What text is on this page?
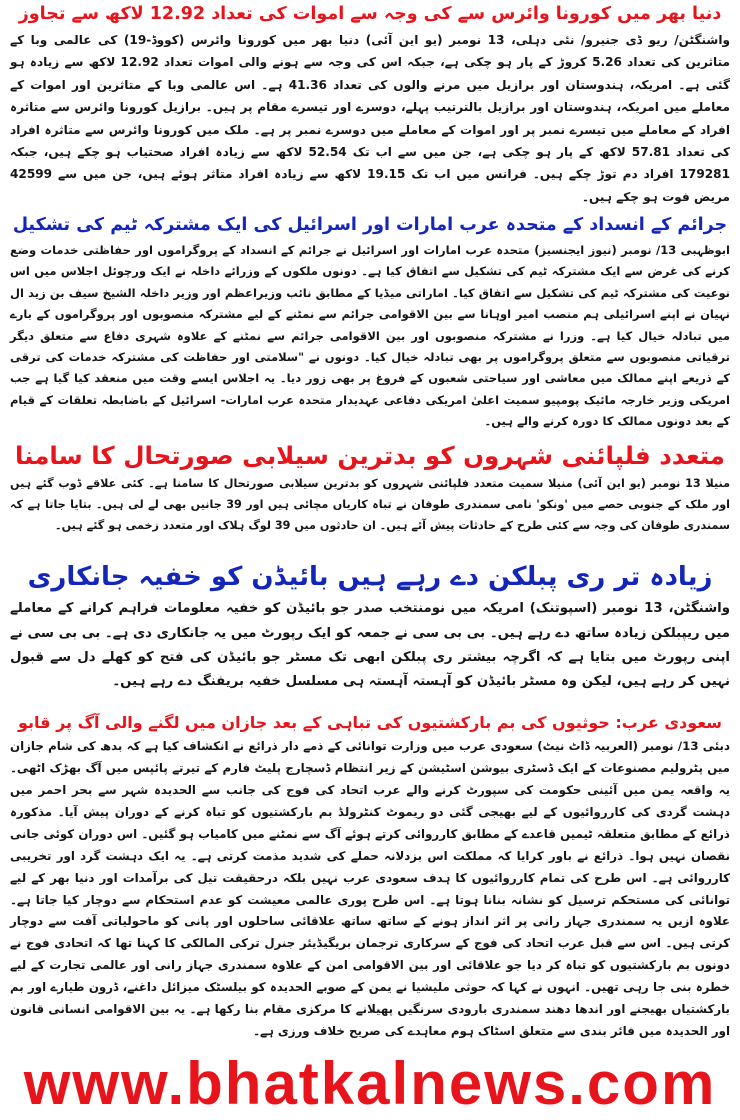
دنیا بھر میں کورونا وائرس سے کی وجہ سے اموات کی تعداد 12.92 لاکھ سے تجاوز

واشنگٹن/ ریو ڈی جنیرو/ نئی دہلی، 13 نومبر (یو این آئی) دنیا بھر میں کورونا وائرس (کووڈ-19) کی عالمی وبا کے متاثرین کی تعداد 5.26 کروڑ کے پار ہو چکی ہے، جبکہ اس کی وجہ سے ہونے والی اموات تعداد 12.92 لاکھ سے زیادہ ہو گئی ہے۔ امریکہ، ہندوستان اور برازیل میں مرنے والوں کی تعداد 41.36 ہے۔ اس عالمی وبا کے متاثرین اور اموات کے معاملے میں امریکہ، ہندوستان اور برازیل بالترتیب پہلے، دوسرے اور تیسرے مقام پر ہیں۔ برازیل کورونا وائرس سے متاثرہ افراد کے معاملے میں تیسرے نمبر پر اور اموات کے معاملے میں دوسرے نمبر پر ہے۔ ملک میں کورونا وائرس سے متاثرہ افراد کی تعداد 57.81 لاکھ کے پار ہو چکی ہے، جن میں سے اب تک 52.54 لاکھ سے زیادہ افراد صحتیاب ہو چکے ہیں، جبکہ 179281 افراد دم توڑ چکے ہیں۔ فرانس میں اب تک 19.15 لاکھ سے زیادہ افراد متاثر ہوئے ہیں، جن میں سے 42599 مریض فوت ہو چکے ہیں۔

جرائم کے انسداد کے متحدہ عرب امارات اور اسرائیل کی ایک مشترکہ ٹیم کی تشکیل

ابوظہبی 13/ نومبر (نیوز ایجنسیز) متحدہ عرب امارات اور اسرائیل نے جرائم کے انسداد کے پروگراموں اور حفاظتی خدمات وضع کرنے کی غرض سے ایک مشترکہ ٹیم کی تشکیل سے اتفاق کیا ہے۔ دونوں ملکوں کے وزرائے داخلہ نے ایک ورچوئل اجلاس میں اس نوعیت کی مشترکہ ٹیم کی تشکیل سے اتفاق کیا۔ اماراتی میڈیا کے مطابق نائب وزیراعظم اور وزیر داخلہ الشیخ سیف بن زید ال نہیان نے اپنے اسرائیلی ہم منصب امیر اوہانا سے بین الاقوامی جرائم سے نمٹنے کے لیے مشترکہ منصوبوں اور پروگراموں کے بارے میں تبادلہ خیال کیا ہے۔ وزرا نے مشترکہ منصوبوں اور بین الاقوامی جرائم سے نمٹنے کے علاوہ شہری دفاع سے متعلق دیگر ترقیاتی منصوبوں سے متعلق پروگراموں پر بھی تبادلہ خیال کیا۔ دونوں نے "سلامتی اور حفاظت کی مشترکہ خدمات کی ترقی کے ذریعے اپنے ممالک میں معاشی اور سیاحتی شعبوں کے فروغ پر بھی زور دیا۔ یہ اجلاس ایسے وقت میں منعقد کیا گیا ہے جب امریکی وزیر خارجہ مائیک پومپیو سمیت اعلیٰ امریکی دفاعی عہدیدار متحدہ عرب امارات- اسرائیل کے باضابطہ تعلقات کے قیام کے بعد دونوں ممالک کا دورہ کرنے والے ہیں۔

متعدد فلپائنی شہروں کو بدترین سیلابی صورتحال کا سامنا

منیلا 13 نومبر (یو این آئی) منیلا سمیت متعدد فلپائنی شہروں کو بدترین سیلابی صورتحال کا سامنا ہے۔ کئی علاقے ڈوب گئے ہیں اور ملک کے جنوبی حصے میں 'ونکو' نامی سمندری طوفان نے تباہ کاریاں مچائی ہیں اور 39 جانیں بھی لے لی ہیں۔ بتایا جاتا ہے کہ سمندری طوفان کی وجہ سے کئی طرح کے حادثات پیش آئے ہیں۔ ان حادثوں میں 39 لوگ ہلاک اور متعدد زخمی ہو گئے ہیں۔

زیادہ تر ری پبلکن دے رہے ہیں بائیڈن کو خفیہ جانکاری

واشنگٹن، 13 نومبر (اسپوتنک) امریکہ میں نومنتخب صدر جو بائیڈن کو خفیہ معلومات فراہم کرانے کے معاملے میں ریپبلکن زیادہ ساتھ دے رہے ہیں۔ بی بی سی نے جمعہ کو ایک رپورٹ میں یہ جانکاری دی ہے۔ بی بی سی نے اپنی رپورٹ میں بتایا ہے کہ اگرچہ بیشتر ری پبلکن ابھی تک مسٹر جو بائیڈن کی فتح کو کھلے دل سے قبول نہیں کر رہے ہیں، لیکن وہ مسٹر بائیڈن کو آہستہ آہستہ ہی مسلسل خفیہ بریفنگ دے رہے ہیں۔

سعودی عرب: حوثیوں کی بم بارکشتیوں کی تباہی کے بعد جازان میں لگنے والی آگ پر قابو

دبئی 13/ نومبر (العربیہ ڈاٹ نیٹ) سعودی عرب میں وزارت توانائی کے ذمے دار ذرائع نے انکشاف کیا ہے کہ بدھ کی شام جازان میں پٹرولیم مصنوعات کے ایک ڈسٹری بیوشن اسٹیشن کے زیر انتظام ڈسچارج پلیٹ فارم کے تیرتے پائپس میں آگ بھڑک اٹھی۔ یہ واقعہ یمن میں آئینی حکومت کی سپورٹ کرنے والے عرب اتحاد کی فوج کی جانب سے الحدیدہ شہر سے بحر احمر میں دہشت گردی کی کارروائیوں کے لیے بھیجی گئی دو ریموٹ کنٹرولڈ بم بارکشتیوں کو تباہ کرنے کے دوران پیش آیا۔ مذکورہ ذرائع کے مطابق متعلقہ ٹیمیں قاعدے کے مطابق کارروائی کرتے ہوئے آگ سے نمٹنے میں کامیاب ہو گئیں۔ اس دوران کوئی جانی نقصان نہیں ہوا۔ ذرائع نے باور کرایا کہ مملکت اس بزدلانہ حملے کی شدید مذمت کرتی ہے۔ یہ ایک دہشت گرد اور تخریبی کارروائی ہے۔ اس طرح کی تمام کارروائیوں کا ہدف سعودی عرب نہیں بلکہ درحقیقت تیل کی برآمدات اور دنیا بھر کے لیے توانائی کی مستحکم ترسیل کو نشانہ بنانا ہوتا ہے۔ اس طرح پوری عالمی معیشت کو عدم استحکام سے دوچار کیا جاتا ہے۔ علاوہ ازیں یہ سمندری جہاز رانی پر اثر انداز ہونے کے ساتھ ساتھ علاقائی ساحلوں اور پانی کو ماحولیاتی آفت سے دوچار کرتی ہیں۔ اس سے قبل عرب اتحاد کی فوج کے سرکاری ترجمان بریگیڈیئر جنرل ترکی المالکی کا کہنا تھا کہ اتحادی فوج نے دونوں بم بارکشتیوں کو تباہ کر دیا جو علاقائی اور بین الاقوامی امن کے علاوہ سمندری جہاز رانی اور عالمی تجارت کے لیے خطرہ بنی جا رہی تھیں۔ انہوں نے کہا کہ حوثی ملیشیا نے یمن کے صوبے الحدیدہ کو بیلسٹک میزائل داغنے، ڈرون طیارے اور بم بارکشتیاں بھیجنے اور اندھا دھند سمندری بارودی سرنگیں پھیلانے کا مرکزی مقام بنا رکھا ہے۔ یہ بین الاقوامی انسانی قانون اور الحدیدہ میں فائر بندی سے متعلق اسٹاک ہوم معاہدے کی صریح خلاف ورزی ہے۔

www.bhatkalnews.com
